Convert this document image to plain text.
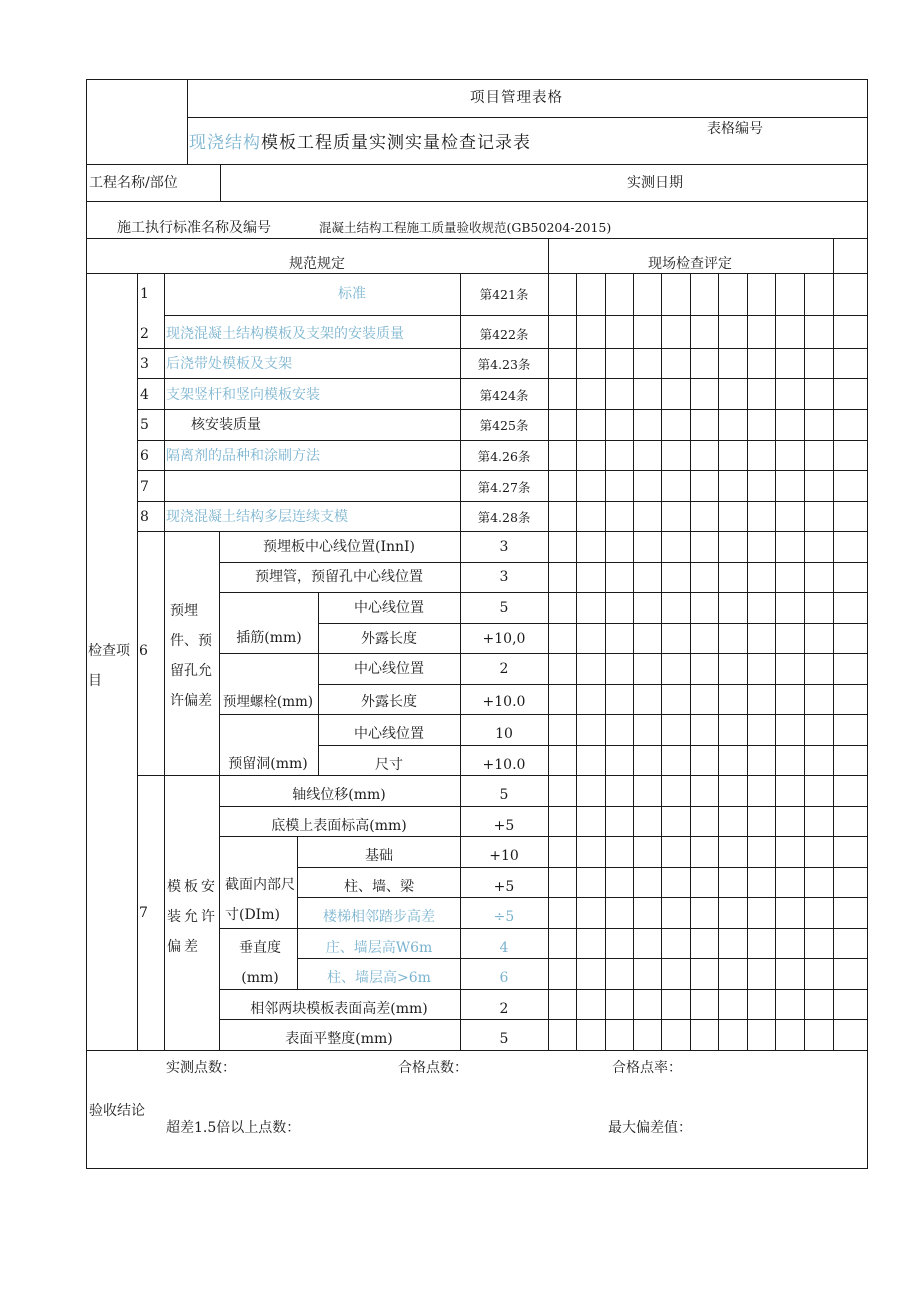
项目管理表格
现浇结构模板工程质量实测实量检查记录表
表格编号
工程名称/部位	实测日期
施工执行标准名称及编号	混凝土结构工程施工质量验收规范(GB50204-2015)
规范规定	现场检查评定
检查项目
1	标准	第421条
2 现浇混凝土结构模板及支架的安装质量	第422条
3 后浇带处模板及支架	第4.23条
4 支架竖杆和竖向模板安装	第424条
5	核安装质量	第425条
6 隔离剂的品种和涂刷方法	第4.26条
7	第4.27条
8 现浇混凝土结构多层连续支模	第4.28条
6
预埋件、预留孔允许偏差
预埋板中心线位置(InnI)	3
预埋管，预留孔中心线位置	3
插筋(mm)
中心线位置	5
外露长度	+10,0
预埋螺栓(mm)
中心线位置	2
外露长度	+10.0
预留洞(mm)
中心线位置	10
尺寸	+10.0
7
模板安装允许偏差
轴线位移(mm)	5
底模上表面标高(mm)	+5
截面内部尺寸(DIm)
基础	+10
柱、墙、梁	+5
楼梯相邻踏步高差	÷5
垂直度(mm)
庄、墙层高W6m	4
柱、墙层高>6m	6
相邻两块模板表面高差(mm)	2
表面平整度(mm)	5
验收结论
实测点数：	合格点数：	合格点率：
超差1.5倍以上点数：	最大偏差值：
